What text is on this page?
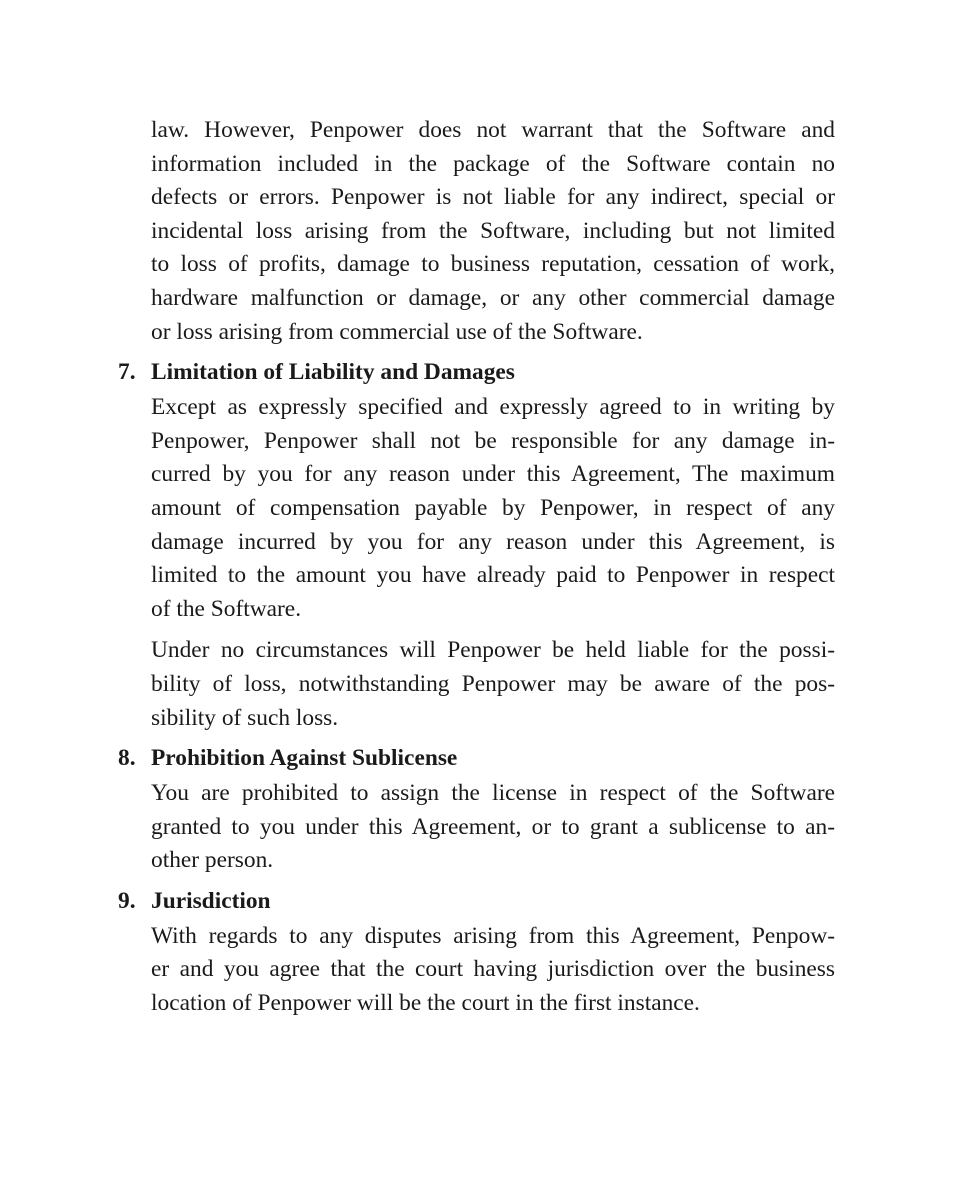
law. However, Penpower does not warrant that the Software and
information included in the package of the Software contain no
defects or errors. Penpower is not liable for any indirect, special or
incidental loss arising from the Software, including but not limited
to loss of profits, damage to business reputation, cessation of work,
hardware malfunction or damage, or any other commercial damage
or loss arising from commercial use of the Software.

7. Limitation of Liability and Damages

Except as expressly specified and expressly agreed to in writing by
Penpower, Penpower shall not be responsible for any damage in-
curred by you for any reason under this Agreement, The maximum
amount of compensation payable by Penpower, in respect of any
damage incurred by you for any reason under this Agreement, is
limited to the amount you have already paid to Penpower in respect
of the Software.

Under no circumstances will Penpower be held liable for the possi-
bility of loss, notwithstanding Penpower may be aware of the pos-
sibility of such loss.

8. Prohibition Against Sublicense

You are prohibited to assign the license in respect of the Software
granted to you under this Agreement, or to grant a sublicense to an-
other person.

9. Jurisdiction

With regards to any disputes arising from this Agreement, Penpow-
er and you agree that the court having jurisdiction over the business
location of Penpower will be the court in the first instance.
